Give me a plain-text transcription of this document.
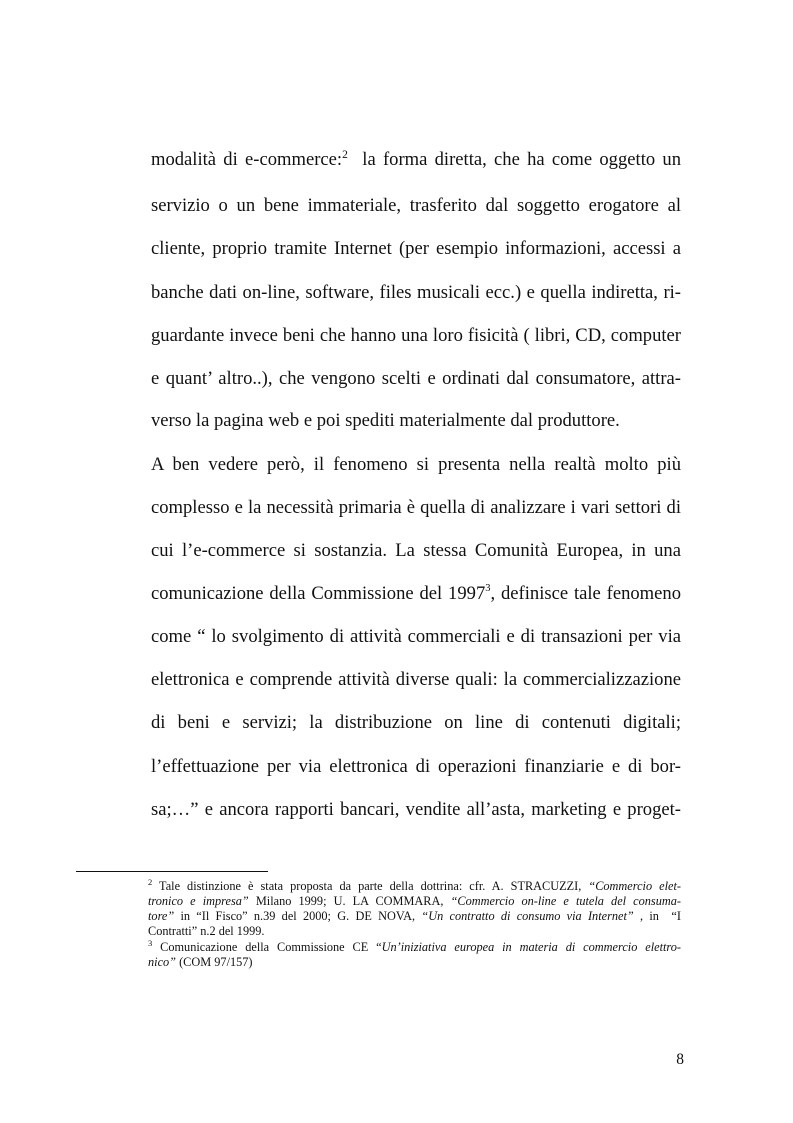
modalità di e-commerce:$^2$  la forma diretta, che ha come oggetto un
servizio o un bene immateriale, trasferito dal soggetto erogatore al
cliente, proprio tramite Internet (per esempio informazioni, accessi a
banche dati on-line, software, files musicali ecc.) e quella indiretta, ri-
guardante invece beni che hanno una loro fisicità ( libri, CD, computer
e quant’ altro..), che vengono scelti e ordinati dal consumatore, attra-
verso la pagina web e poi spediti materialmente dal produttore.
A ben vedere però, il fenomeno si presenta nella realtà molto più
complesso e la necessità primaria è quella di analizzare i vari settori di
cui l’e-commerce si sostanzia. La stessa Comunità Europea, in una
comunicazione della Commissione del 1997$^3$, definisce tale fenomeno
come “ lo svolgimento di attività commerciali e di transazioni per via
elettronica e comprende attività diverse quali: la commercializzazione
di beni e servizi; la distribuzione on line di contenuti digitali;
l’effettuazione per via elettronica di operazioni finanziarie e di bor-
sa;…” e ancora rapporti bancari, vendite all’asta, marketing e proget-
$^2$ Tale distinzione è stata proposta da parte della dottrina: cfr. A. STRACUZZI, “Commercio elet-
tronico e impresa” Milano 1999; U. LA COMMARA, “Commercio on-line e tutela del consuma-
tore” in “Il Fisco” n.39 del 2000; G. DE NOVA, “Un contratto di consumo via Internet” , in  “I
Contratti” n.2 del 1999.
$^3$ Comunicazione della Commissione CE “Un’iniziativa europea in materia di commercio elettro-
nico” (COM 97/157)
8
